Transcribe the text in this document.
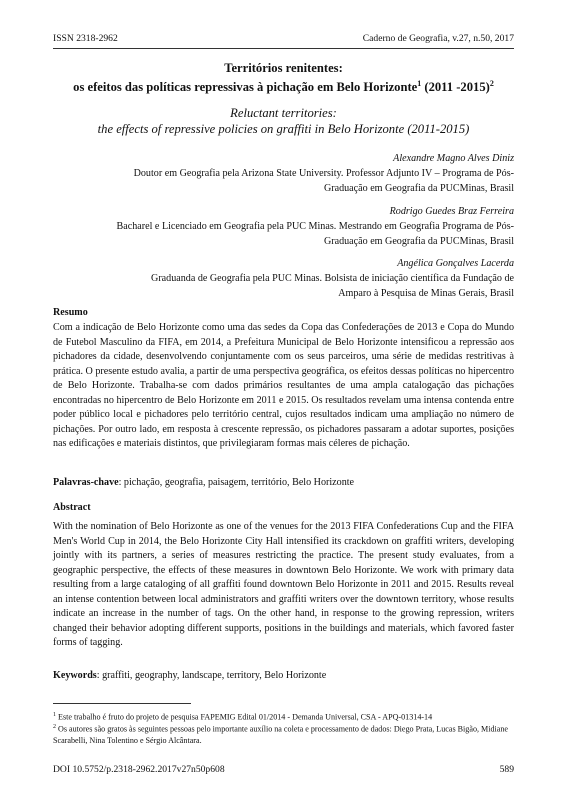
ISSN 2318-2962	Caderno de Geografia, v.27, n.50, 2017
Territórios renitentes:
os efeitos das políticas repressivas à pichação em Belo Horizonte$^1$ (2011 -2015)$^2$
Reluctant territories:
the effects of repressive policies on graffiti in Belo Horizonte (2011-2015)
Alexandre Magno Alves Diniz
Doutor em Geografia pela Arizona State University. Professor Adjunto IV – Programa de Pós-
Graduação em Geografia da PUCMinas, Brasil
Rodrigo Guedes Braz Ferreira
Bacharel e Licenciado em Geografia pela PUC Minas. Mestrando em Geografia Programa de Pós-
Graduação em Geografia da PUCMinas, Brasil
Angélica Gonçalves Lacerda
Graduanda de Geografia pela PUC Minas. Bolsista de iniciação científica da Fundação de
Amparo à Pesquisa de Minas Gerais, Brasil
Resumo
Com a indicação de Belo Horizonte como uma das sedes da Copa das Confederações de 2013 e Copa do Mundo de Futebol Masculino da FIFA, em 2014, a Prefeitura Municipal de Belo Horizonte intensificou a repressão aos pichadores da cidade, desenvolvendo conjuntamente com os seus parceiros, uma série de medidas restritivas à prática. O presente estudo avalia, a partir de uma perspectiva geográfica, os efeitos dessas políticas no hipercentro de Belo Horizonte. Trabalha-se com dados primários resultantes de uma ampla catalogação das pichações encontradas no hipercentro de Belo Horizonte em 2011 e 2015. Os resultados revelam uma intensa contenda entre poder público local e pichadores pelo território central, cujos resultados indicam uma ampliação no número de pichações. Por outro lado, em resposta à crescente repressão, os pichadores passaram a adotar suportes, posições nas edificações e materiais distintos, que privilegiaram formas mais céleres de pichação.
Palavras-chave: pichação, geografia, paisagem, território, Belo Horizonte
Abstract
With the nomination of Belo Horizonte as one of the venues for the 2013 FIFA Confederations Cup and the FIFA Men's World Cup in 2014, the Belo Horizonte City Hall intensified its crackdown on graffiti writers, developing jointly with its partners, a series of measures restricting the practice. The present study evaluates, from a geographic perspective, the effects of these measures in downtown Belo Horizonte. We work with primary data resulting from a large cataloging of all graffiti found downtown Belo Horizonte in 2011 and 2015. Results reveal an intense contention between local administrators and graffiti writers over the downtown territory, whose results indicate an increase in the number of tags. On the other hand, in response to the growing repression, writers changed their behavior adopting different supports, positions in the buildings and materials, which favored faster forms of tagging.
Keywords: graffiti, geography, landscape, territory, Belo Horizonte
$^1$ Este trabalho é fruto do projeto de pesquisa FAPEMIG Edital 01/2014 - Demanda Universal, CSA - APQ-01314-14
$^2$ Os autores são gratos às seguintes pessoas pelo importante auxílio na coleta e processamento de dados: Diego Prata, Lucas Bigão, Midiane Scarabelli, Nina Tolentino e Sérgio Alcântara.
DOI 10.5752/p.2318-2962.2017v27n50p608	589
